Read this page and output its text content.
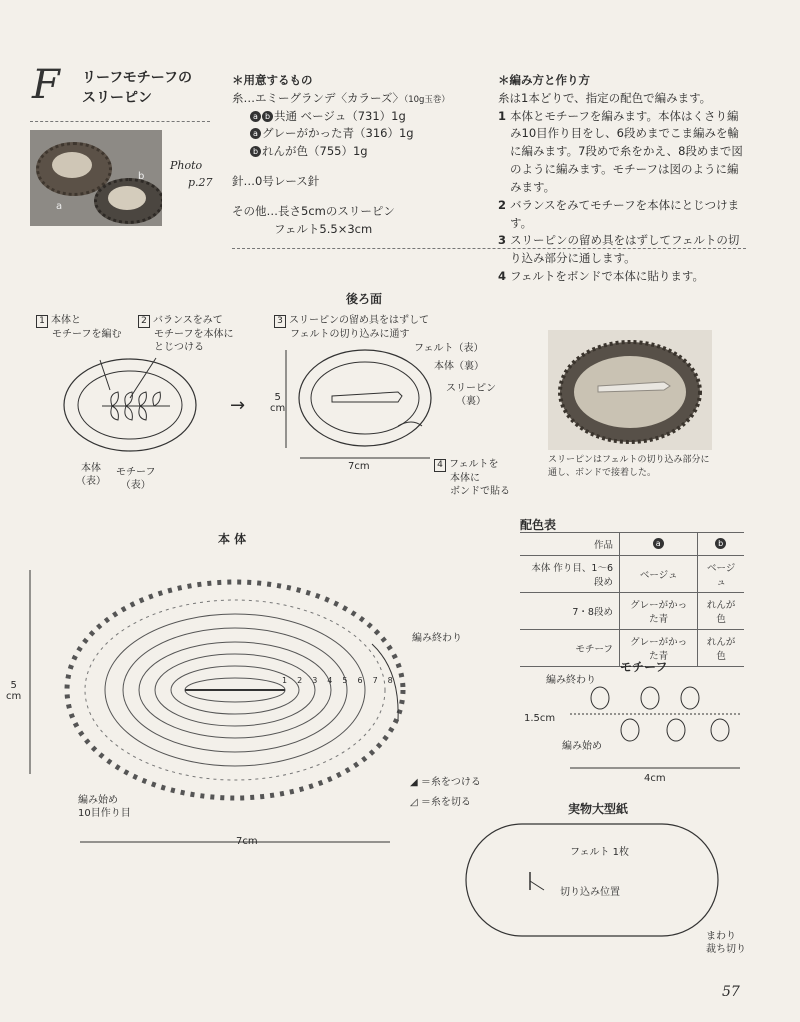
F リーフモチーフの
スリーピン
a
b
Photo
p.27
＊用意するもの
糸…エミーグランデ〈カラーズ〉（10g玉巻）
a b 共通 ベージュ（731）1g
a グレーがかった青（316）1g
b れんが色（755）1g
針…0号レース針
その他…長さ5cmのスリーピン
フェルト5.5×3cm
＊編み方と作り方
糸は1本どりで、指定の配色で編みます。
1 本体とモチーフを編みます。本体はくさり編み10目作り目をし、6段めまでこま編みを輪に編みます。7段めで糸をかえ、8段めまで図のように編みます。モチーフは図のように編みます。
2 バランスをみてモチーフを本体にとじつけます。
3 スリーピンの留め具をはずしてフェルトの切り込み部分に通します。
4 フェルトをボンドで本体に貼ります。
後ろ面
1 本体と
モチーフを編む
2 バランスをみて
モチーフを本体に
とじつける
3 スリーピンの留め具をはずして
フェルトの切り込みに通す
本体
（表）
モチーフ
（表）
→	5
cm
7cm
フェルト（表）
本体（裏）
スリーピン
（裏）
4 フェルトを
本体に
ボンドで貼る
スリーピンはフェルトの切り込み部分に
通し、ボンドで接着した。
配色表
作品	a	b
本体 作り目、1〜6段め	ベージュ	ベージュ
7・8段め	グレーがかった青	れんが色
モチーフ	グレーがかった青	れんが色
本 体
5
cm
編み終わり
編み始め
10目作り目
7cm
1 2 3 4 5 6 7 8
◢ ＝糸をつける
◿ ＝糸を切る
モチーフ
編み終わり
1.5cm
編み始め
4cm
実物大型紙
フェルト 1枚
切り込み位置
まわり
裁ち切り
57
